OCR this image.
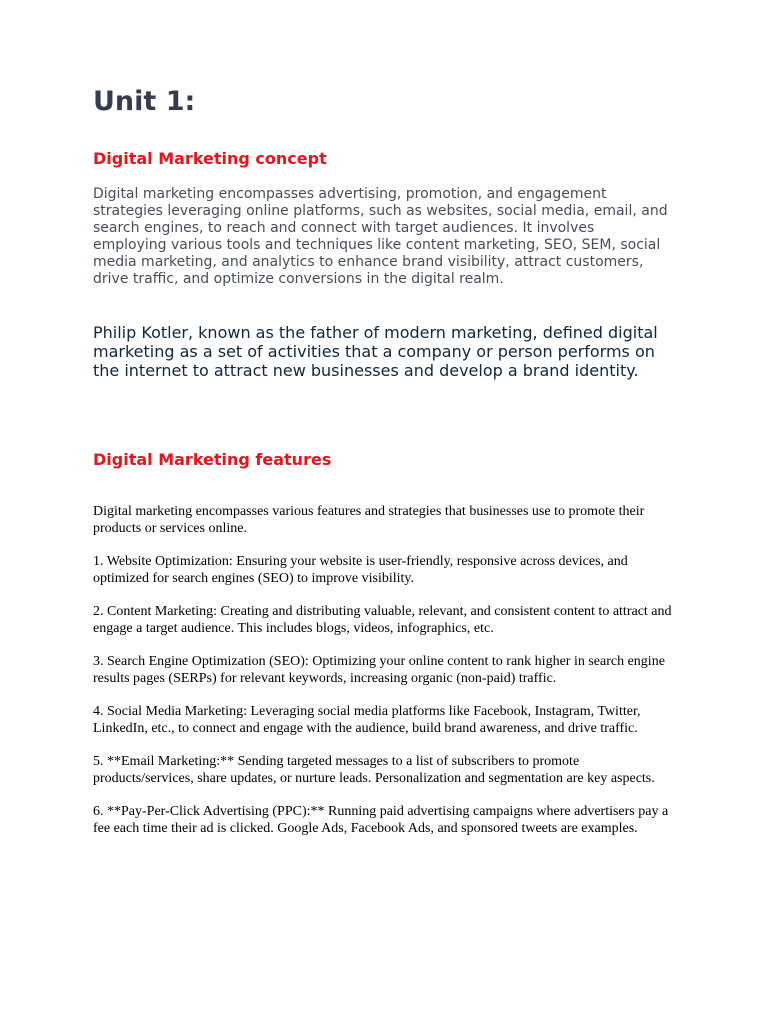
Unit 1:
Digital Marketing concept

Digital marketing encompasses advertising, promotion, and engagement strategies leveraging online platforms, such as websites, social media, email, and search engines, to reach and connect with target audiences. It involves employing various tools and techniques like content marketing, SEO, SEM, social media marketing, and analytics to enhance brand visibility, attract customers, drive traffic, and optimize conversions in the digital realm.

Philip Kotler, known as the father of modern marketing, defined digital marketing as a set of activities that a company or person performs on the internet to attract new businesses and develop a brand identity.

Digital Marketing features

Digital marketing encompasses various features and strategies that businesses use to promote their products or services online.

1. Website Optimization: Ensuring your website is user-friendly, responsive across devices, and optimized for search engines (SEO) to improve visibility.

2. Content Marketing: Creating and distributing valuable, relevant, and consistent content to attract and engage a target audience. This includes blogs, videos, infographics, etc.

3. Search Engine Optimization (SEO): Optimizing your online content to rank higher in search engine results pages (SERPs) for relevant keywords, increasing organic (non-paid) traffic.

4. Social Media Marketing: Leveraging social media platforms like Facebook, Instagram, Twitter, LinkedIn, etc., to connect and engage with the audience, build brand awareness, and drive traffic.

5. **Email Marketing:** Sending targeted messages to a list of subscribers to promote products/services, share updates, or nurture leads. Personalization and segmentation are key aspects.

6. **Pay-Per-Click Advertising (PPC):** Running paid advertising campaigns where advertisers pay a fee each time their ad is clicked. Google Ads, Facebook Ads, and sponsored tweets are examples.
